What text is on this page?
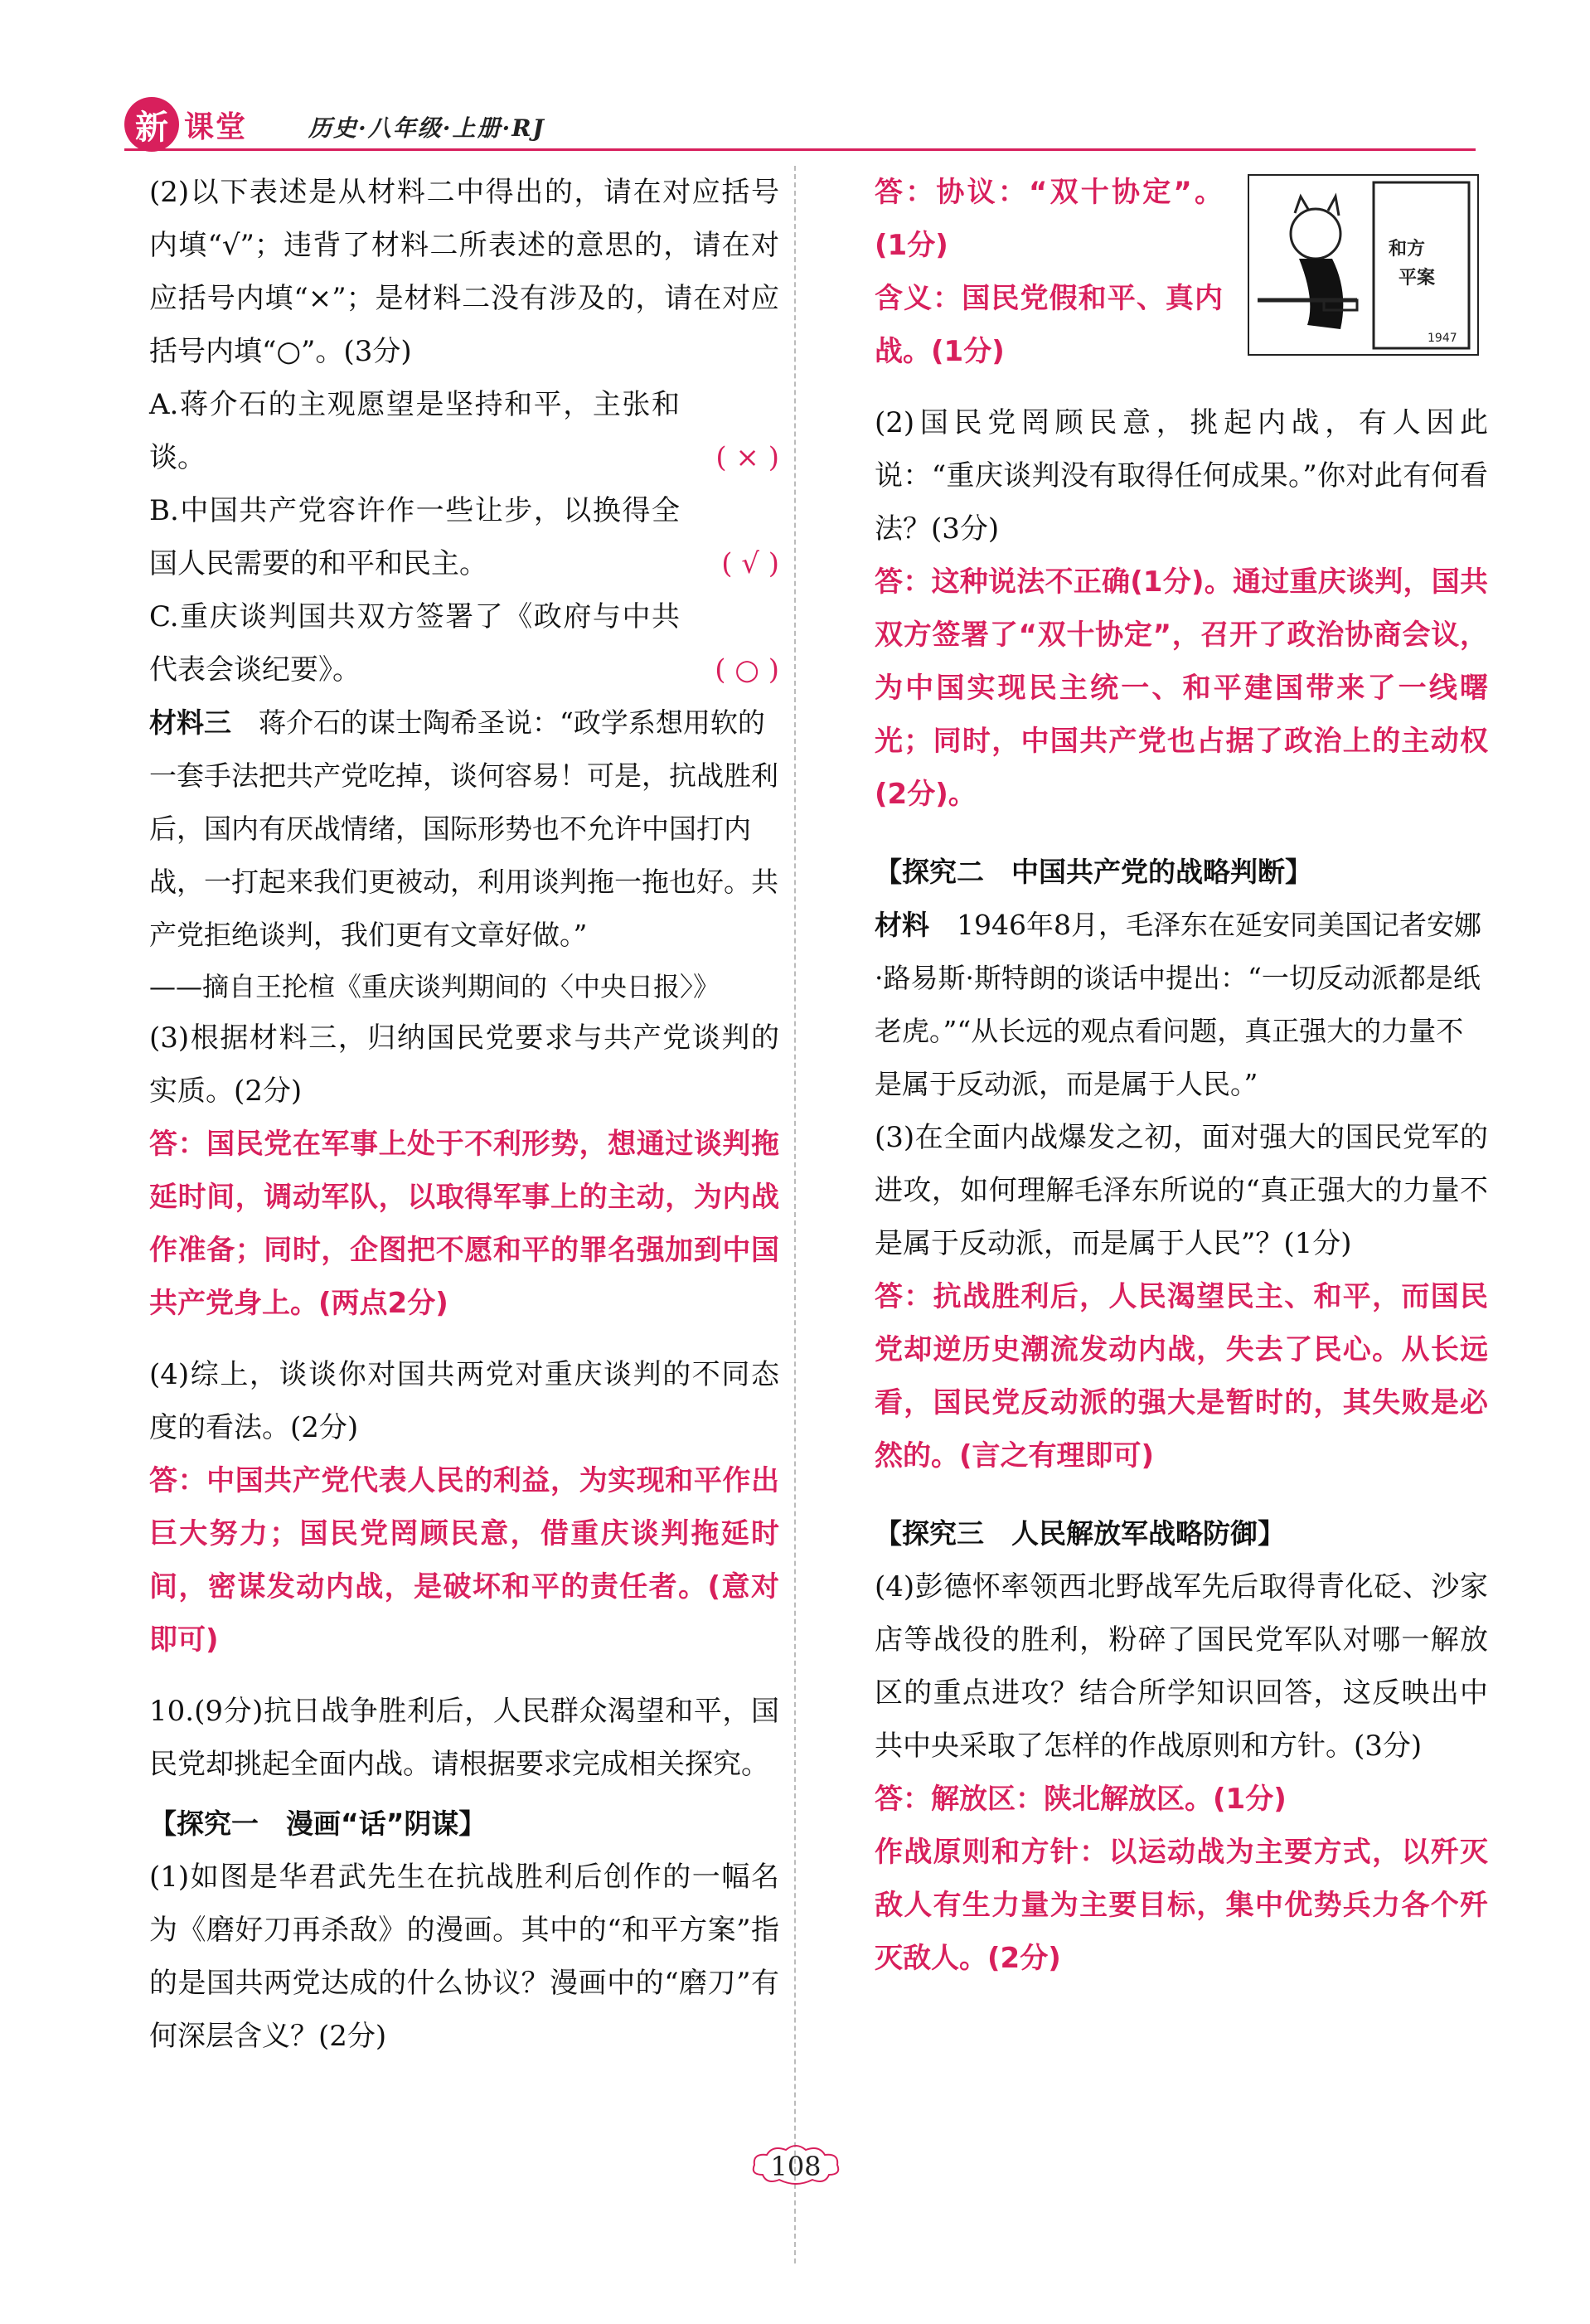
新 课堂	历史·八年级·上册·RJ

(2)以下表述是从材料二中得出的，请在对应括号内填“√”；违背了材料二所表述的意思的，请在对应括号内填“×”；是材料二没有涉及的，请在对应括号内填“○”。(3分)

A.蒋介石的主观愿望是坚持和平，主张和谈。	( × )

B.中国共产党容许作一些让步，以换得全国人民需要的和平和民主。	( √ )

C.重庆谈判国共双方签署了《政府与中共代表会谈纪要》。	( ○ )

材料三　 蒋介石的谋士陶希圣说：“政学系想用软的一套手法把共产党吃掉，谈何容易！可是，抗战胜利后，国内有厌战情绪，国际形势也不允许中国打内战，一打起来我们更被动，利用谈判拖一拖也好。共产党拒绝谈判，我们更有文章好做。”

——摘自王抡楦《重庆谈判期间的〈中央日报〉》

(3)根据材料三，归纳国民党要求与共产党谈判的实质。(2分)

答：国民党在军事上处于不利形势，想通过谈判拖延时间，调动军队，以取得军事上的主动，为内战作准备；同时，企图把不愿和平的罪名强加到中国共产党身上。(两点2分)

(4)综上，谈谈你对国共两党对重庆谈判的不同态度的看法。(2分)

答：中国共产党代表人民的利益，为实现和平作出巨大努力；国民党罔顾民意，借重庆谈判拖延时间，密谋发动内战，是破坏和平的责任者。(意对即可)

10.(9分)抗日战争胜利后，人民群众渴望和平，国民党却挑起全面内战。请根据要求完成相关探究。

【探究一　漫画“话”阴谋】

(1)如图是华君武先生在抗战胜利后创作的一幅名为《磨好刀再杀敌》的漫画。其中的“和平方案”指的是国共两党达成的什么协议？漫画中的“磨刀”有何深层含义？(2分)

和方
平案
1947

答：协议：“双十协定”。(1分)

含义：国民党假和平、真内战。(1分)

(2)国民党罔顾民意，挑起内战，有人因此说：“重庆谈判没有取得任何成果。”你对此有何看法？(3分)

答：这种说法不正确(1分)。通过重庆谈判，国共双方签署了“双十协定”，召开了政治协商会议，为中国实现民主统一、和平建国带来了一线曙光；同时，中国共产党也占据了政治上的主动权(2分)。

【探究二　中国共产党的战略判断】

材料　 1946年8月，毛泽东在延安同美国记者安娜·路易斯·斯特朗的谈话中提出：“一切反动派都是纸老虎。”“从长远的观点看问题，真正强大的力量不是属于反动派，而是属于人民。”

(3)在全面内战爆发之初，面对强大的国民党军的进攻，如何理解毛泽东所说的“真正强大的力量不是属于反动派，而是属于人民”？(1分)

答：抗战胜利后，人民渴望民主、和平，而国民党却逆历史潮流发动内战，失去了民心。从长远看，国民党反动派的强大是暂时的，其失败是必然的。(言之有理即可)

【探究三　人民解放军战略防御】

(4)彭德怀率领西北野战军先后取得青化砭、沙家店等战役的胜利，粉碎了国民党军队对哪一解放区的重点进攻？结合所学知识回答，这反映出中共中央采取了怎样的作战原则和方针。(3分)

答：解放区：陕北解放区。(1分)

作战原则和方针：以运动战为主要方式，以歼灭敌人有生力量为主要目标，集中优势兵力各个歼灭敌人。(2分)

108
